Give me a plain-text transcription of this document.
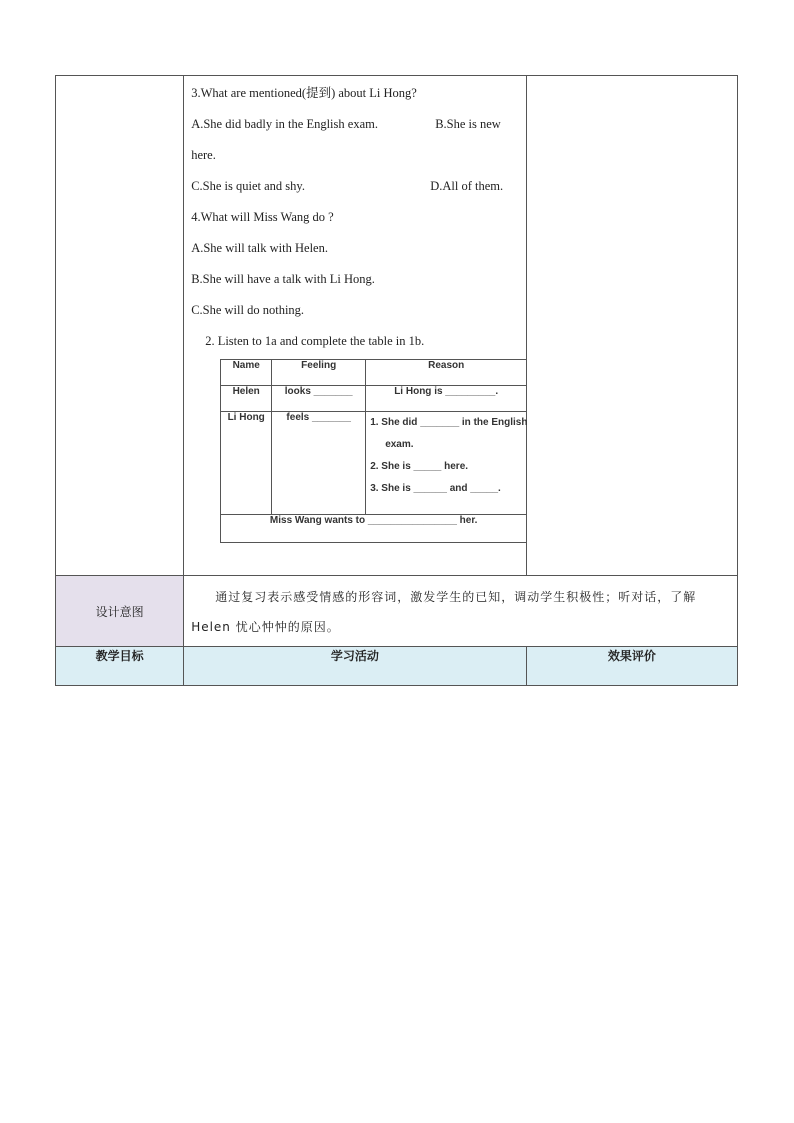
3.What are mentioned(提到) about Li Hong?
A.She did badly in the English exam.	B.She is new
here.
C.She is quiet and shy.	D.All of them.
4.What will Miss Wang do ?
A.She will talk with Helen.
B.She will have a talk with Li Hong.
C.She will do nothing.
2. Listen to 1a and complete the table in 1b.
Name	Feeling	Reason
Helen	looks _______	Li Hong is _________.
Li Hong	feels _______	1. She did _______ in the English
exam.
2. She is _____ here.
3. She is ______ and _____.

Miss Wang wants to ________________ her.

设计意图	通过复习表示感受情感的形容词，激发学生的已知，调动学生积极性；听对话，了解 Helen 忧心忡忡的原因。
教学目标	学习活动	效果评价
